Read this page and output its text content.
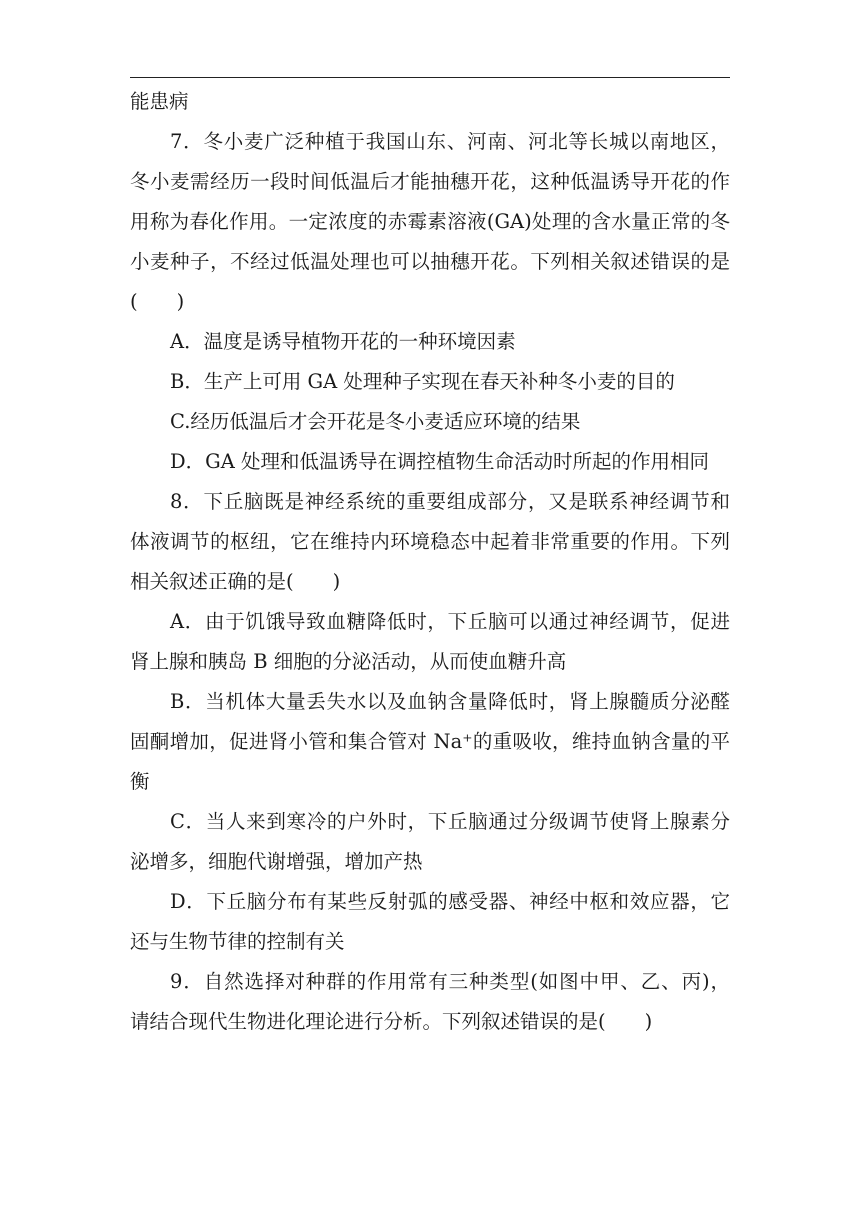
能患病
7．冬小麦广泛种植于我国山东、河南、河北等长城以南地区，
冬小麦需经历一段时间低温后才能抽穗开花，这种低温诱导开花的作
用称为春化作用。一定浓度的赤霉素溶液(GA)处理的含水量正常的冬
小麦种子，不经过低温处理也可以抽穗开花。下列相关叙述错误的是
(　　)
A．温度是诱导植物开花的一种环境因素
B．生产上可用 GA 处理种子实现在春天补种冬小麦的目的
C.经历低温后才会开花是冬小麦适应环境的结果
D．GA 处理和低温诱导在调控植物生命活动时所起的作用相同
8．下丘脑既是神经系统的重要组成部分，又是联系神经调节和
体液调节的枢纽，它在维持内环境稳态中起着非常重要的作用。下列
相关叙述正确的是(　　)
A．由于饥饿导致血糖降低时，下丘脑可以通过神经调节，促进
肾上腺和胰岛 B 细胞的分泌活动，从而使血糖升高
B．当机体大量丢失水以及血钠含量降低时，肾上腺髓质分泌醛
固酮增加，促进肾小管和集合管对 Na⁺的重吸收，维持血钠含量的平
衡
C．当人来到寒冷的户外时，下丘脑通过分级调节使肾上腺素分
泌增多，细胞代谢增强，增加产热
D．下丘脑分布有某些反射弧的感受器、神经中枢和效应器，它
还与生物节律的控制有关
9．自然选择对种群的作用常有三种类型(如图中甲、乙、丙)，
请结合现代生物进化理论进行分析。下列叙述错误的是(　　)
